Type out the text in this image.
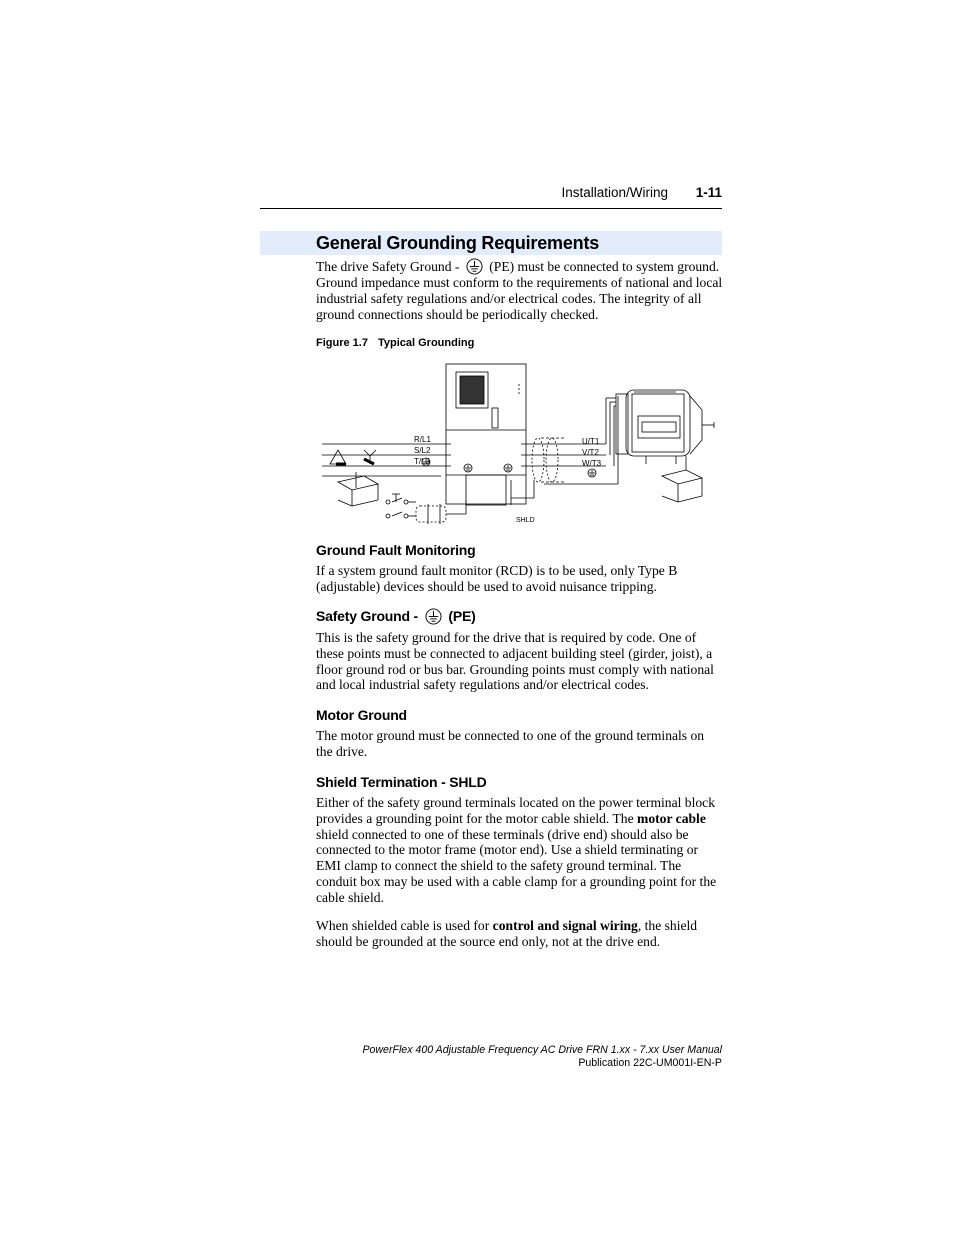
Installation/Wiring 1-11
General Grounding Requirements
The drive Safety Ground -  (PE) must be connected to system ground. Ground impedance must conform to the requirements of national and local industrial safety regulations and/or electrical codes. The integrity of all ground connections should be periodically checked.
Figure 1.7 Typical Grounding
R/L1
S/L2
T/L3
U/T1
V/T2
W/T3
SHLD
Ground Fault Monitoring
If a system ground fault monitor (RCD) is to be used, only Type B (adjustable) devices should be used to avoid nuisance tripping.
Safety Ground -  (PE)
This is the safety ground for the drive that is required by code. One of these points must be connected to adjacent building steel (girder, joist), a floor ground rod or bus bar. Grounding points must comply with national and local industrial safety regulations and/or electrical codes.
Motor Ground
The motor ground must be connected to one of the ground terminals on the drive.
Shield Termination - SHLD
Either of the safety ground terminals located on the power terminal block provides a grounding point for the motor cable shield. The motor cable shield connected to one of these terminals (drive end) should also be connected to the motor frame (motor end). Use a shield terminating or EMI clamp to connect the shield to the safety ground terminal. The conduit box may be used with a cable clamp for a grounding point for the cable shield.
When shielded cable is used for control and signal wiring, the shield should be grounded at the source end only, not at the drive end.
PowerFlex 400 Adjustable Frequency AC Drive FRN 1.xx - 7.xx User Manual
Publication 22C-UM001I-EN-P
